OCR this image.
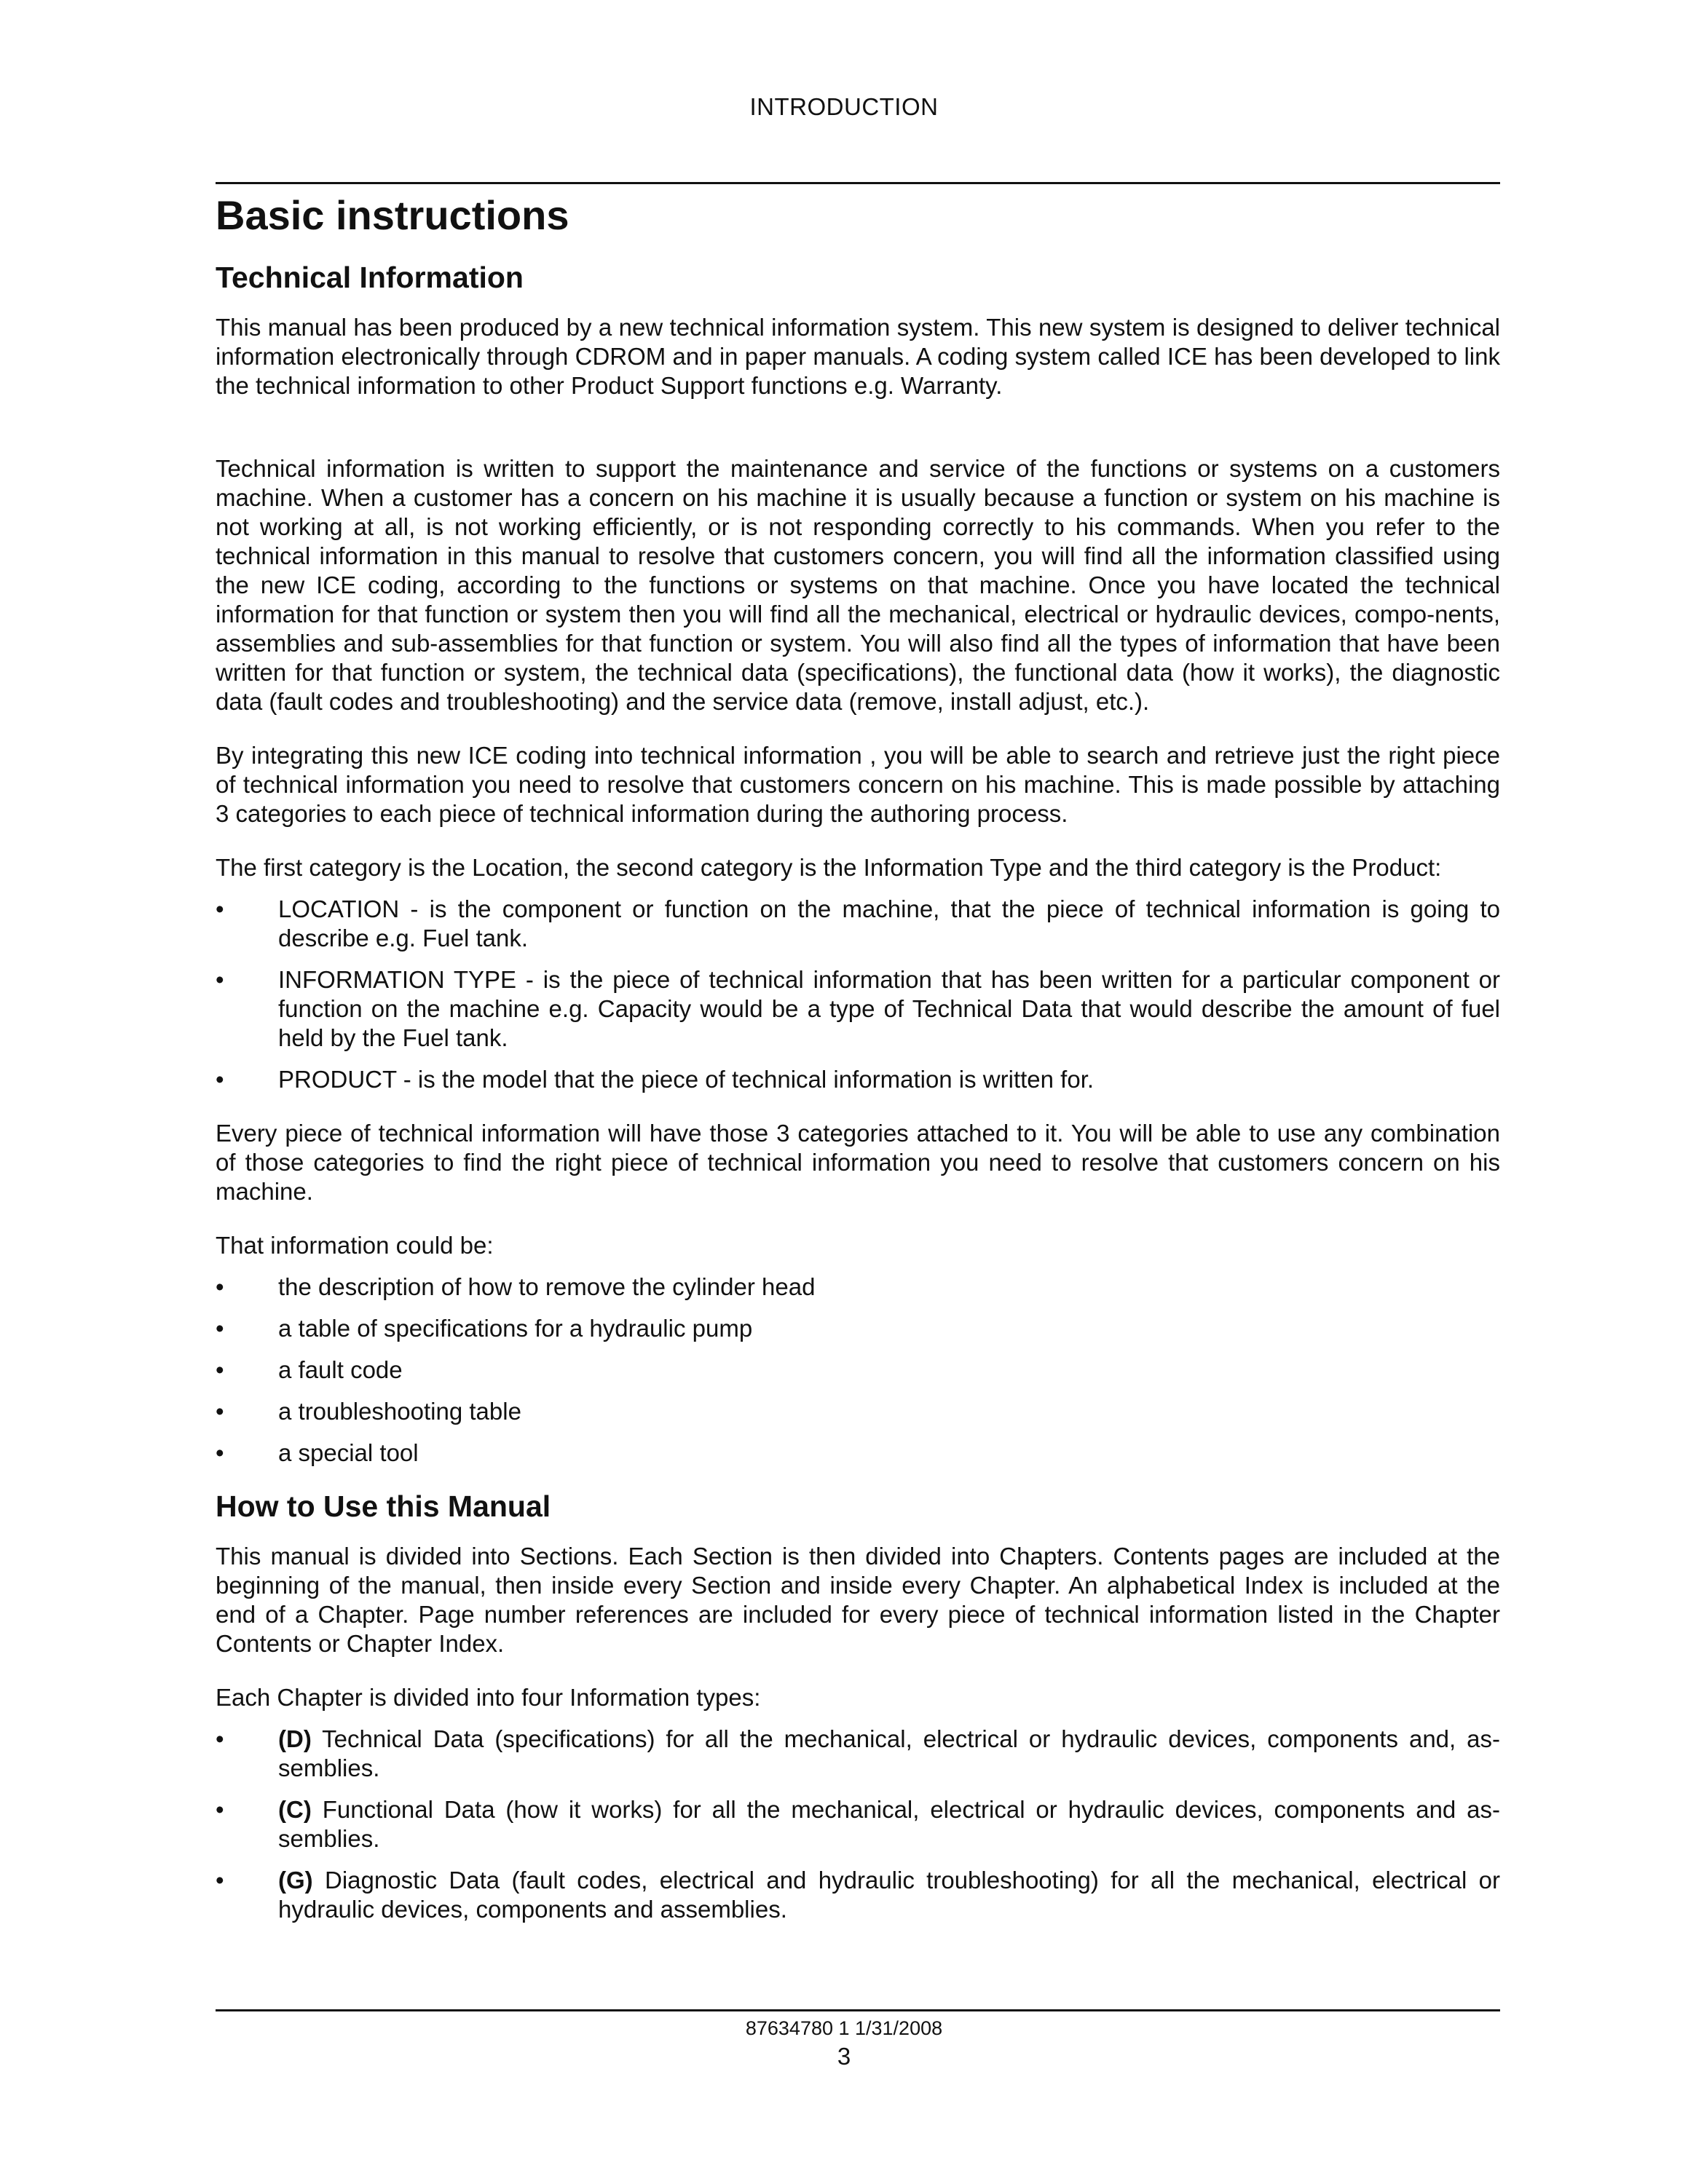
INTRODUCTION
Basic instructions
Technical Information

This manual has been produced by a new technical information system. This new system is designed to deliver technical information electronically through CDROM and in paper manuals. A coding system called ICE has been developed to link the technical information to other Product Support functions e.g. Warranty.

Technical information is written to support the maintenance and service of the functions or systems on a customers machine. When a customer has a concern on his machine it is usually because a function or system on his machine is not working at all, is not working efficiently, or is not responding correctly to his commands. When you refer to the technical information in this manual to resolve that customers concern, you will find all the information classified using the new ICE coding, according to the functions or systems on that machine. Once you have located the technical information for that function or system then you will find all the mechanical, electrical or hydraulic devices, compo-nents, assemblies and sub-assemblies for that function or system. You will also find all the types of information that have been written for that function or system, the technical data (specifications), the functional data (how it works), the diagnostic data (fault codes and troubleshooting) and the service data (remove, install adjust, etc.).

By integrating this new ICE coding into technical information , you will be able to search and retrieve just the right piece of technical information you need to resolve that customers concern on his machine. This is made possible by attaching 3 categories to each piece of technical information during the authoring process.

The first category is the Location, the second category is the Information Type and the third category is the Product:

• LOCATION - is the component or function on the machine, that the piece of technical information is going to describe e.g. Fuel tank.
• INFORMATION TYPE - is the piece of technical information that has been written for a particular component or function on the machine e.g. Capacity would be a type of Technical Data that would describe the amount of fuel held by the Fuel tank.
• PRODUCT - is the model that the piece of technical information is written for.

Every piece of technical information will have those 3 categories attached to it. You will be able to use any combination of those categories to find the right piece of technical information you need to resolve that customers concern on his machine.

That information could be:

• the description of how to remove the cylinder head
• a table of specifications for a hydraulic pump
• a fault code
• a troubleshooting table
• a special tool
How to Use this Manual

This manual is divided into Sections. Each Section is then divided into Chapters. Contents pages are included at the beginning of the manual, then inside every Section and inside every Chapter. An alphabetical Index is included at the end of a Chapter. Page number references are included for every piece of technical information listed in the Chapter Contents or Chapter Index.

Each Chapter is divided into four Information types:

• (D) Technical Data (specifications) for all the mechanical, electrical or hydraulic devices, components and, as-semblies.
• (C) Functional Data (how it works) for all the mechanical, electrical or hydraulic devices, components and as-semblies.
• (G) Diagnostic Data (fault codes, electrical and hydraulic troubleshooting) for all the mechanical, electrical or hydraulic devices, components and assemblies.
87634780 1 1/31/2008
3
